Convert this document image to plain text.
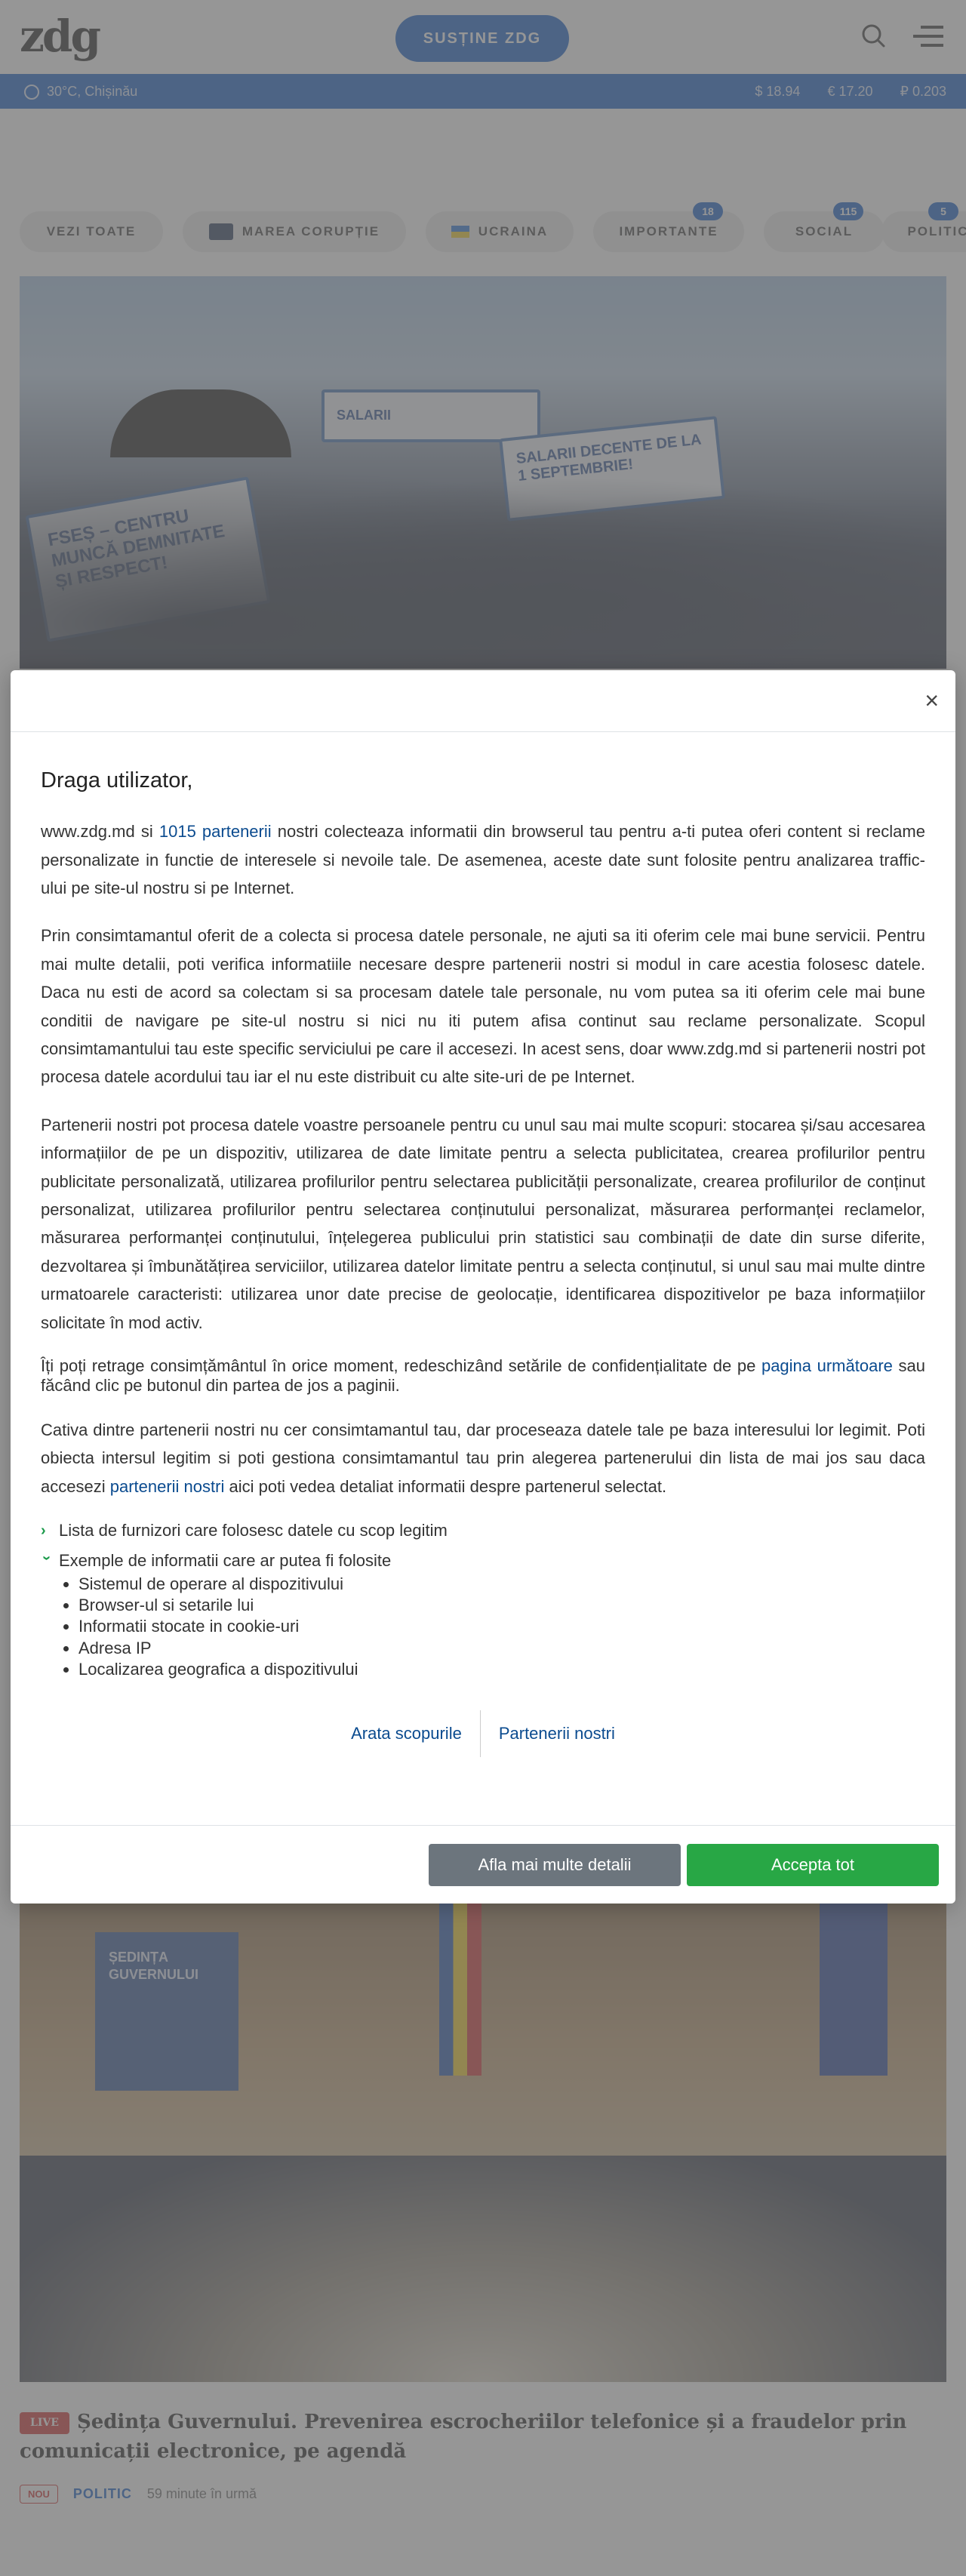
×
Draga utilizator,

www.zdg.md si 1015 partenerii nostri colecteaza informatii din browserul tau pentru a-ti putea oferi content si reclame personalizate in functie de interesele si nevoile tale. De asemenea, aceste date sunt folosite pentru analizarea traffic-ului pe site-ul nostru si pe Internet.

Prin consimtamantul oferit de a colecta si procesa datele personale, ne ajuti sa iti oferim cele mai bune servicii. Pentru mai multe detalii, poti verifica informatiile necesare despre partenerii nostri si modul in care acestia folosesc datele. Daca nu esti de acord sa colectam si sa procesam datele tale personale, nu vom putea sa iti oferim cele mai bune conditii de navigare pe site-ul nostru si nici nu iti putem afisa continut sau reclame personalizate. Scopul consimtamantului tau este specific serviciului pe care il accesezi. In acest sens, doar www.zdg.md si partenerii nostri pot procesa datele acordului tau iar el nu este distribuit cu alte site-uri de pe Internet.

Partenerii nostri pot procesa datele voastre persoanele pentru cu unul sau mai multe scopuri: stocarea și/sau accesarea informațiilor de pe un dispozitiv, utilizarea de date limitate pentru a selecta publicitatea, crearea profilurilor pentru publicitate personalizată, utilizarea profilurilor pentru selectarea publicității personalizate, crearea profilurilor de conținut personalizat, utilizarea profilurilor pentru selectarea conținutului personalizat, măsurarea performanței reclamelor, măsurarea performanței conținutului, înțelegerea publicului prin statistici sau combinații de date din surse diferite, dezvoltarea și îmbunătățirea serviciilor, utilizarea datelor limitate pentru a selecta conținutul, si unul sau mai multe dintre urmatoarele caracteristi: utilizarea unor date precise de geolocație, identificarea dispozitivelor pe baza informațiilor solicitate în mod activ.

Îți poți retrage consimțământul în orice moment, redeschizând setările de confidențialitate de pe pagina următoare sau făcând clic pe butonul din partea de jos a paginii.

Cativa dintre partenerii nostri nu cer consimtamantul tau, dar proceseaza datele tale pe baza interesului lor legimit. Poti obiecta intersul legitim si poti gestiona consimtamantul tau prin alegerea partenerului din lista de mai jos sau daca accesezi partenerii nostri aici poti vedea detaliat informatii despre partenerul selectat.

› Lista de furnizori care folosesc datele cu scop legitim
› Exemple de informatii care ar putea fi folosite
• Sistemul de operare al dispozitivului
• Browser-ul si setarile lui
• Informatii stocate in cookie-uri
• Adresa IP
• Localizarea geografica a dispozitivului
Arata scopurile	Partenerii nostri
Afla mai multe detalii	Accepta tot
